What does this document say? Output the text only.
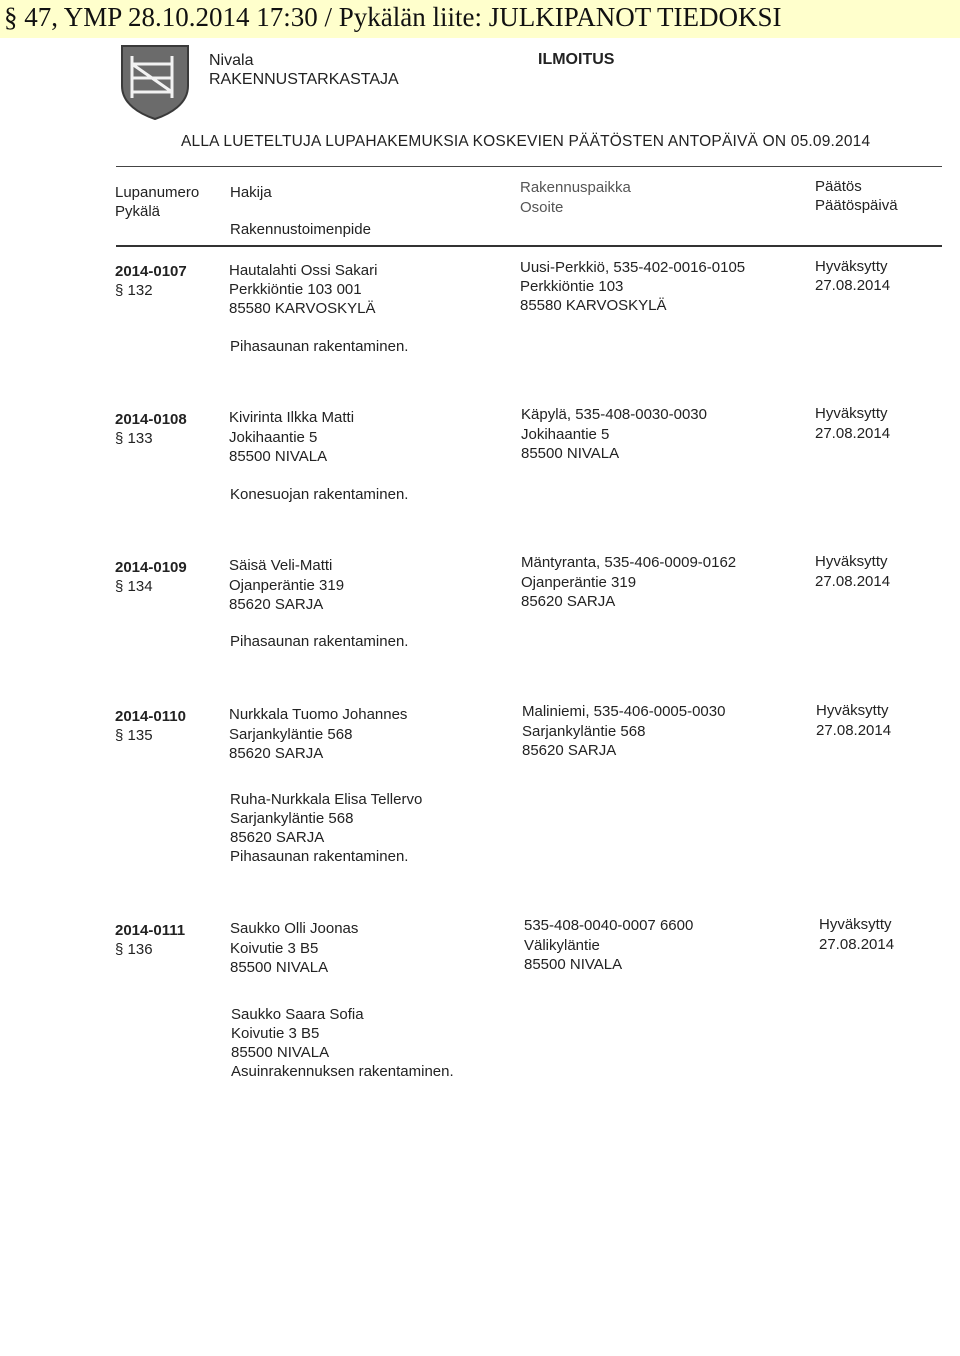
§ 47, YMP 28.10.2014 17:30 / Pykälän liite: JULKIPANOT TIEDOKSI
Nivala
RAKENNUSTARKASTAJA
ILMOITUS
ALLA LUETELTUJA LUPAHAKEMUKSIA KOSKEVIEN PÄÄTÖSTEN ANTOPÄIVÄ ON 05.09.2014
Lupanumero
Pykälä
Hakija
Rakennustoimenpide
Rakennuspaikka
Osoite
Päätös
Päätöspäivä
2014-0107
§ 132
Hautalahti Ossi Sakari
Perkkiöntie 103 001
85580 KARVOSKYLÄ
Uusi-Perkkiö, 535-402-0016-0105
Perkkiöntie 103
85580 KARVOSKYLÄ
Hyväksytty
27.08.2014
Pihasaunan rakentaminen.
2014-0108
§ 133
Kivirinta Ilkka Matti
Jokihaantie 5
85500 NIVALA
Käpylä, 535-408-0030-0030
Jokihaantie 5
85500 NIVALA
Hyväksytty
27.08.2014
Konesuojan rakentaminen.
2014-0109
§ 134
Säisä Veli-Matti
Ojanperäntie 319
85620 SARJA
Mäntyranta, 535-406-0009-0162
Ojanperäntie 319
85620 SARJA
Hyväksytty
27.08.2014
Pihasaunan rakentaminen.
2014-0110
§ 135
Nurkkala Tuomo Johannes
Sarjankyläntie 568
85620 SARJA
Maliniemi, 535-406-0005-0030
Sarjankyläntie 568
85620 SARJA
Hyväksytty
27.08.2014
Ruha-Nurkkala Elisa Tellervo
Sarjankyläntie 568
85620 SARJA
Pihasaunan rakentaminen.
2014-0111
§ 136
Saukko Olli Joonas
Koivutie 3 B5
85500 NIVALA
535-408-0040-0007 6600
Välikyläntie
85500 NIVALA
Hyväksytty
27.08.2014
Saukko Saara Sofia
Koivutie 3 B5
85500 NIVALA
Asuinrakennuksen rakentaminen.
